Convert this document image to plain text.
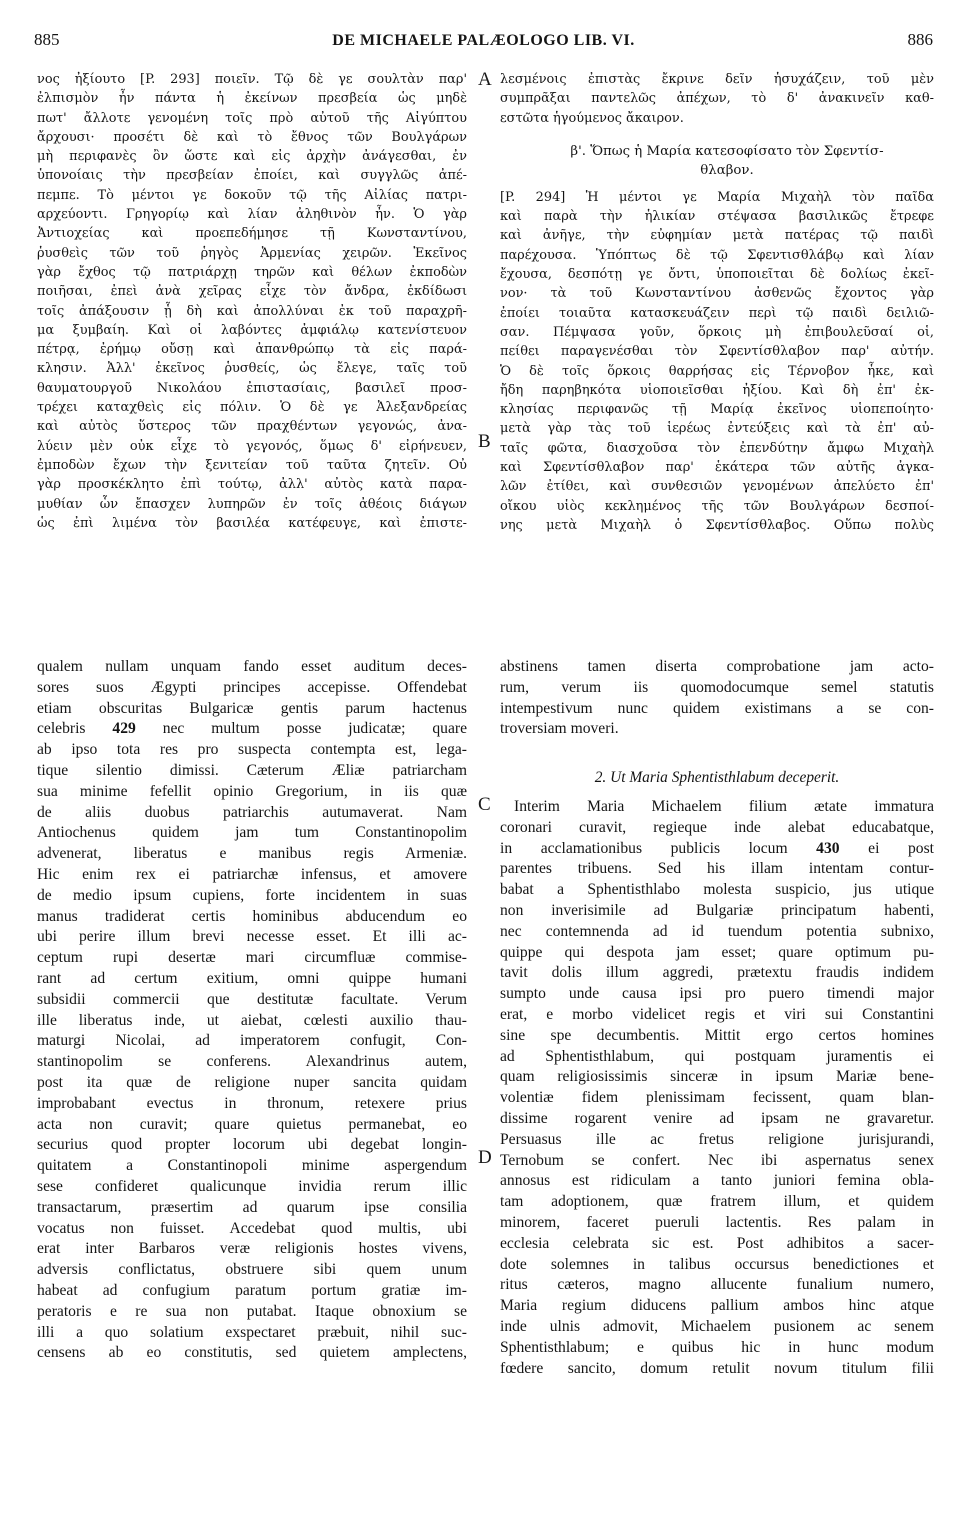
885	DE MICHAELE PALÆOLOGO LIB. VI.	886

νος ἠξίουτο [P. 293] ποιεῖν. Τῷ δὲ γε σουλτὰν παρ'

ἐλπισμὸν ἦν πάντα ἡ ἐκείνων πρεσβεία ὡς μηδὲ

πωτ' ἄλλοτε γενομένη τοῖς πρὸ αὐτοῦ τῆς Αἰγύπτου

ἄρχουσι· προσέτι δὲ καὶ τὸ ἔθνος τῶν Βουλγάρων

μὴ περιφανὲς ὂν ὥστε καὶ εἰς ἀρχὴν ἀνάγεσθαι, ἐν

ὑπονοίαις τὴν πρεσβείαν ἐποίει, καὶ συγγλῶς ἀπέ-

πεμπε. Τὸ μέντοι γε δοκοῦν τῷ τῆς Αἰλίας πατρι-

αρχεύοντι. Γρηγορίῳ καὶ λίαν ἀληθινὸν ἦν. Ὁ γὰρ

Ἀντιοχείας καὶ προεπεδήμησε τῇ Κωνσταντίνου,

ῥυσθεὶς τῶν τοῦ ῥηγὸς Ἀρμενίας χειρῶν. Ἐκεῖνος

γὰρ ἔχθος τῷ πατριάρχῃ τηρῶν καὶ θέλων ἐκποδὼν

ποιῆσαι, ἐπεὶ ἀνὰ χεῖρας εἶχε τὸν ἄνδρα, ἐκδίδωσι

τοῖς ἀπάξουσιν ᾗ δὴ καὶ ἀπολλύναι ἐκ τοῦ παραχρῆ-

μα ξυμβαίη. Καὶ οἱ λαβόντες ἀμφιάλῳ κατενίστευον

πέτρᾳ, ἐρήμῳ οὔσῃ καὶ ἀπανθρώπῳ τὰ εἰς παρά-

κλησιν. Ἀλλ' ἐκεῖνος ῥυσθείς, ὡς ἔλεγε, ταῖς τοῦ

θαυματουργοῦ Νικολάου ἐπιστασίαις, βασιλεῖ προσ-

τρέχει καταχθεὶς εἰς πόλιν. Ὁ δὲ γε Ἀλεξανδρείας

καὶ αὐτὸς ὕστερος τῶν πραχθέντων γεγονώς, ἀνα-

λύειν μὲν οὐκ εἶχε τὸ γεγονός, ὅμως δ' εἰρήνευεν,

ἐμποδὼν ἔχων τὴν ξενιτείαν τοῦ ταῦτα ζητεῖν. Οὐ

γὰρ προσκέκλητο ἐπὶ τούτῳ, ἀλλ' αὐτὸς κατὰ παρα-

μυθίαν ὧν ἔπασχεν λυπηρῶν ἐν τοῖς ἀθέοις διάγων

ὡς ἐπὶ λιμένα τὸν βασιλέα κατέφευγε, καὶ ἐπιστε-

λεσμένοις ἐπιστὰς ἔκρινε δεῖν ἡσυχάζειν, τοῦ μὲν

συμπρᾶξαι παντελῶς ἀπέχων, τὸ δ' ἀνακινεῖν καθ-

εστῶτα ἡγούμενος ἄκαιρον.

β'. Ὅπως ἡ Μαρία κατεσοφίσατο τὸν Σφεντίσ-
θλαβον.

[P. 294] Ἡ μέντοι γε Μαρία Μιχαὴλ τὸν παῖδα

καὶ παρὰ τὴν ἡλικίαν στέψασα βασιλικῶς ἔτρεφε

καὶ ἀνῆγε, τὴν εὐφημίαν μετὰ πατέρας τῷ παιδὶ

παρέχουσα. Ὑπόπτως δὲ τῷ Σφεντισθλάβῳ καὶ λίαν

ἔχουσα, δεσπότῃ γε ὄντι, ὑποποιεῖται δὲ δολίως ἐκεῖ-

νον· τὰ τοῦ Κωνσταντίνου ἀσθενῶς ἔχοντος γὰρ

ἐποίει τοιαῦτα κατασκευάζειν περὶ τῷ παιδὶ δειλιῶ-

σαν. Πέμψασα γοῦν, ὅρκοις μὴ ἐπιβουλεῦσαί οἱ,

πείθει παραγενέσθαι τὸν Σφεντίσθλαβον παρ' αὐτήν.

Ὁ δὲ τοῖς ὅρκοις θαρρήσας εἰς Τέρνοβον ἧκε, καὶ

ἤδη παρηβηκότα υἱοποιεῖσθαι ἠξίου. Καὶ δὴ ἐπ' ἐκ-

κλησίας περιφανῶς τῇ Μαρίᾳ ἐκεῖνος υἱοπεποίητο·

μετὰ γὰρ τὰς τοῦ ἱερέως ἐντεύξεις καὶ τὰ ἐπ' αὐ-

ταῖς φῶτα, διασχοῦσα τὸν ἐπενδύτην ἄμφω Μιχαὴλ

καὶ Σφεντίσθλαβον παρ' ἑκάτερα τῶν αὐτῆς ἀγκα-

λῶν ἐτίθει, καὶ συνθεσιῶν γενομένων ἀπελύετο ἐπ'

οἴκου υἱὸς κεκλημένος τῆς τῶν Βουλγάρων δεσποί-

νης μετὰ Μιχαὴλ ὁ Σφεντίσθλαβος. Οὕπω πολὺς

qualem nullam unquam fando esset auditum deces-

sores suos Ægypti principes accepisse. Offendebat

etiam obscuritas Bulgaricæ gentis parum hactenus

celebris 429 nec multum posse judicatæ; quare

ab ipso tota res pro suspecta contempta est, lega-

tique silentio dimissi. Cæterum Æliæ patriarcham

sua minime fefellit opinio Gregorium, in iis quæ

de aliis duobus patriarchis autumaverat. Nam

Antiochenus quidem jam tum Constantinopolim

advenerat, liberatus e manibus regis Armeniæ.

Hic enim rex ei patriarchæ infensus, et amovere

de medio ipsum cupiens, forte incidentem in suas

manus tradiderat certis hominibus abducendum eo

ubi perire illum brevi necesse esset. Et illi ac-

ceptum rupi desertæ mari circumfluæ commise-

rant ad certum exitium, omni quippe humani

subsidii commercii que destitutæ facultate. Verum

ille liberatus inde, ut aiebat, cœlesti auxilio thau-

maturgi Nicolai, ad imperatorem confugit, Con-

stantinopolim se conferens. Alexandrinus autem,

post ita quæ de religione nuper sancita quidam

improbabant evectus in thronum, retexere prius

acta non curavit; quare quietus permanebat, eo

securius quod propter locorum ubi degebat longin-

quitatem a Constantinopoli minime aspergendum

sese confideret qualicunque invidia rerum illic

transactarum, præsertim ad quarum ipse consilia

vocatus non fuisset. Accedebat quod multis, ubi

erat inter Barbaros veræ religionis hostes vivens,

adversis conflictatus, obstruere sibi quem unum

habeat ad confugium paratum portum gratiæ im-

peratoris e re sua non putabat. Itaque obnoxium se

illi a quo solatium exspectaret præbuit, nihil suc-

censens ab eo constitutis, sed quietem amplectens,

abstinens tamen diserta comprobatione jam acto-

rum, verum iis quomodocumque semel statutis

intempestivum nunc quidem existimans a se con-

troversiam moveri.

2. Ut Maria Sphentisthlabum deceperit.

Interim Maria Michaelem filium ætate immatura

coronari curavit, regieque inde alebat educabatque,

in acclamationibus publicis locum 430 ei post

parentes tribuens. Sed his illam intentam contur-

babat a Sphentisthlabo molesta suspicio, jus utique

non inverisimile ad Bulgariæ principatum habenti,

nec contemnenda ad id tuendum potentia subnixo,

quippe qui despota jam esset; quare optimum pu-

tavit dolis illum aggredi, prætextu fraudis indidem

sumpto unde causa ipsi pro puero timendi major

erat, e morbo videlicet regis et viri sui Constantini

sine spe decumbentis. Mittit ergo certos homines

ad Sphentisthlabum, qui postquam juramentis ei

quam religiosissimis sinceræ in ipsum Mariæ bene-

volentiæ fidem plenissimam fecissent, quam blan-

dissime rogarent venire ad ipsam ne gravaretur.

Persuasus ille ac fretus religione jurisjurandi,

Ternobum se confert. Nec ibi aspernatus senex

annosus est ridiculam a tanto juniori femina obla-

tam adoptionem, quæ fratrem illum, et quidem

minorem, faceret pueruli lactentis. Res palam in

ecclesia celebrata sic est. Post adhibitos a sacer-

dote solemnes in talibus occursus benedictiones et

ritus cæteros, magno allucente funalium numero,

Maria regium diducens pallium ambos hinc atque

inde ulnis admovit, Michaelem pusionem ac senem

Sphentisthlabum; e quibus hic in hunc modum

fœdere sancito, domum retulit novum titulum filii

A
B
C
D
